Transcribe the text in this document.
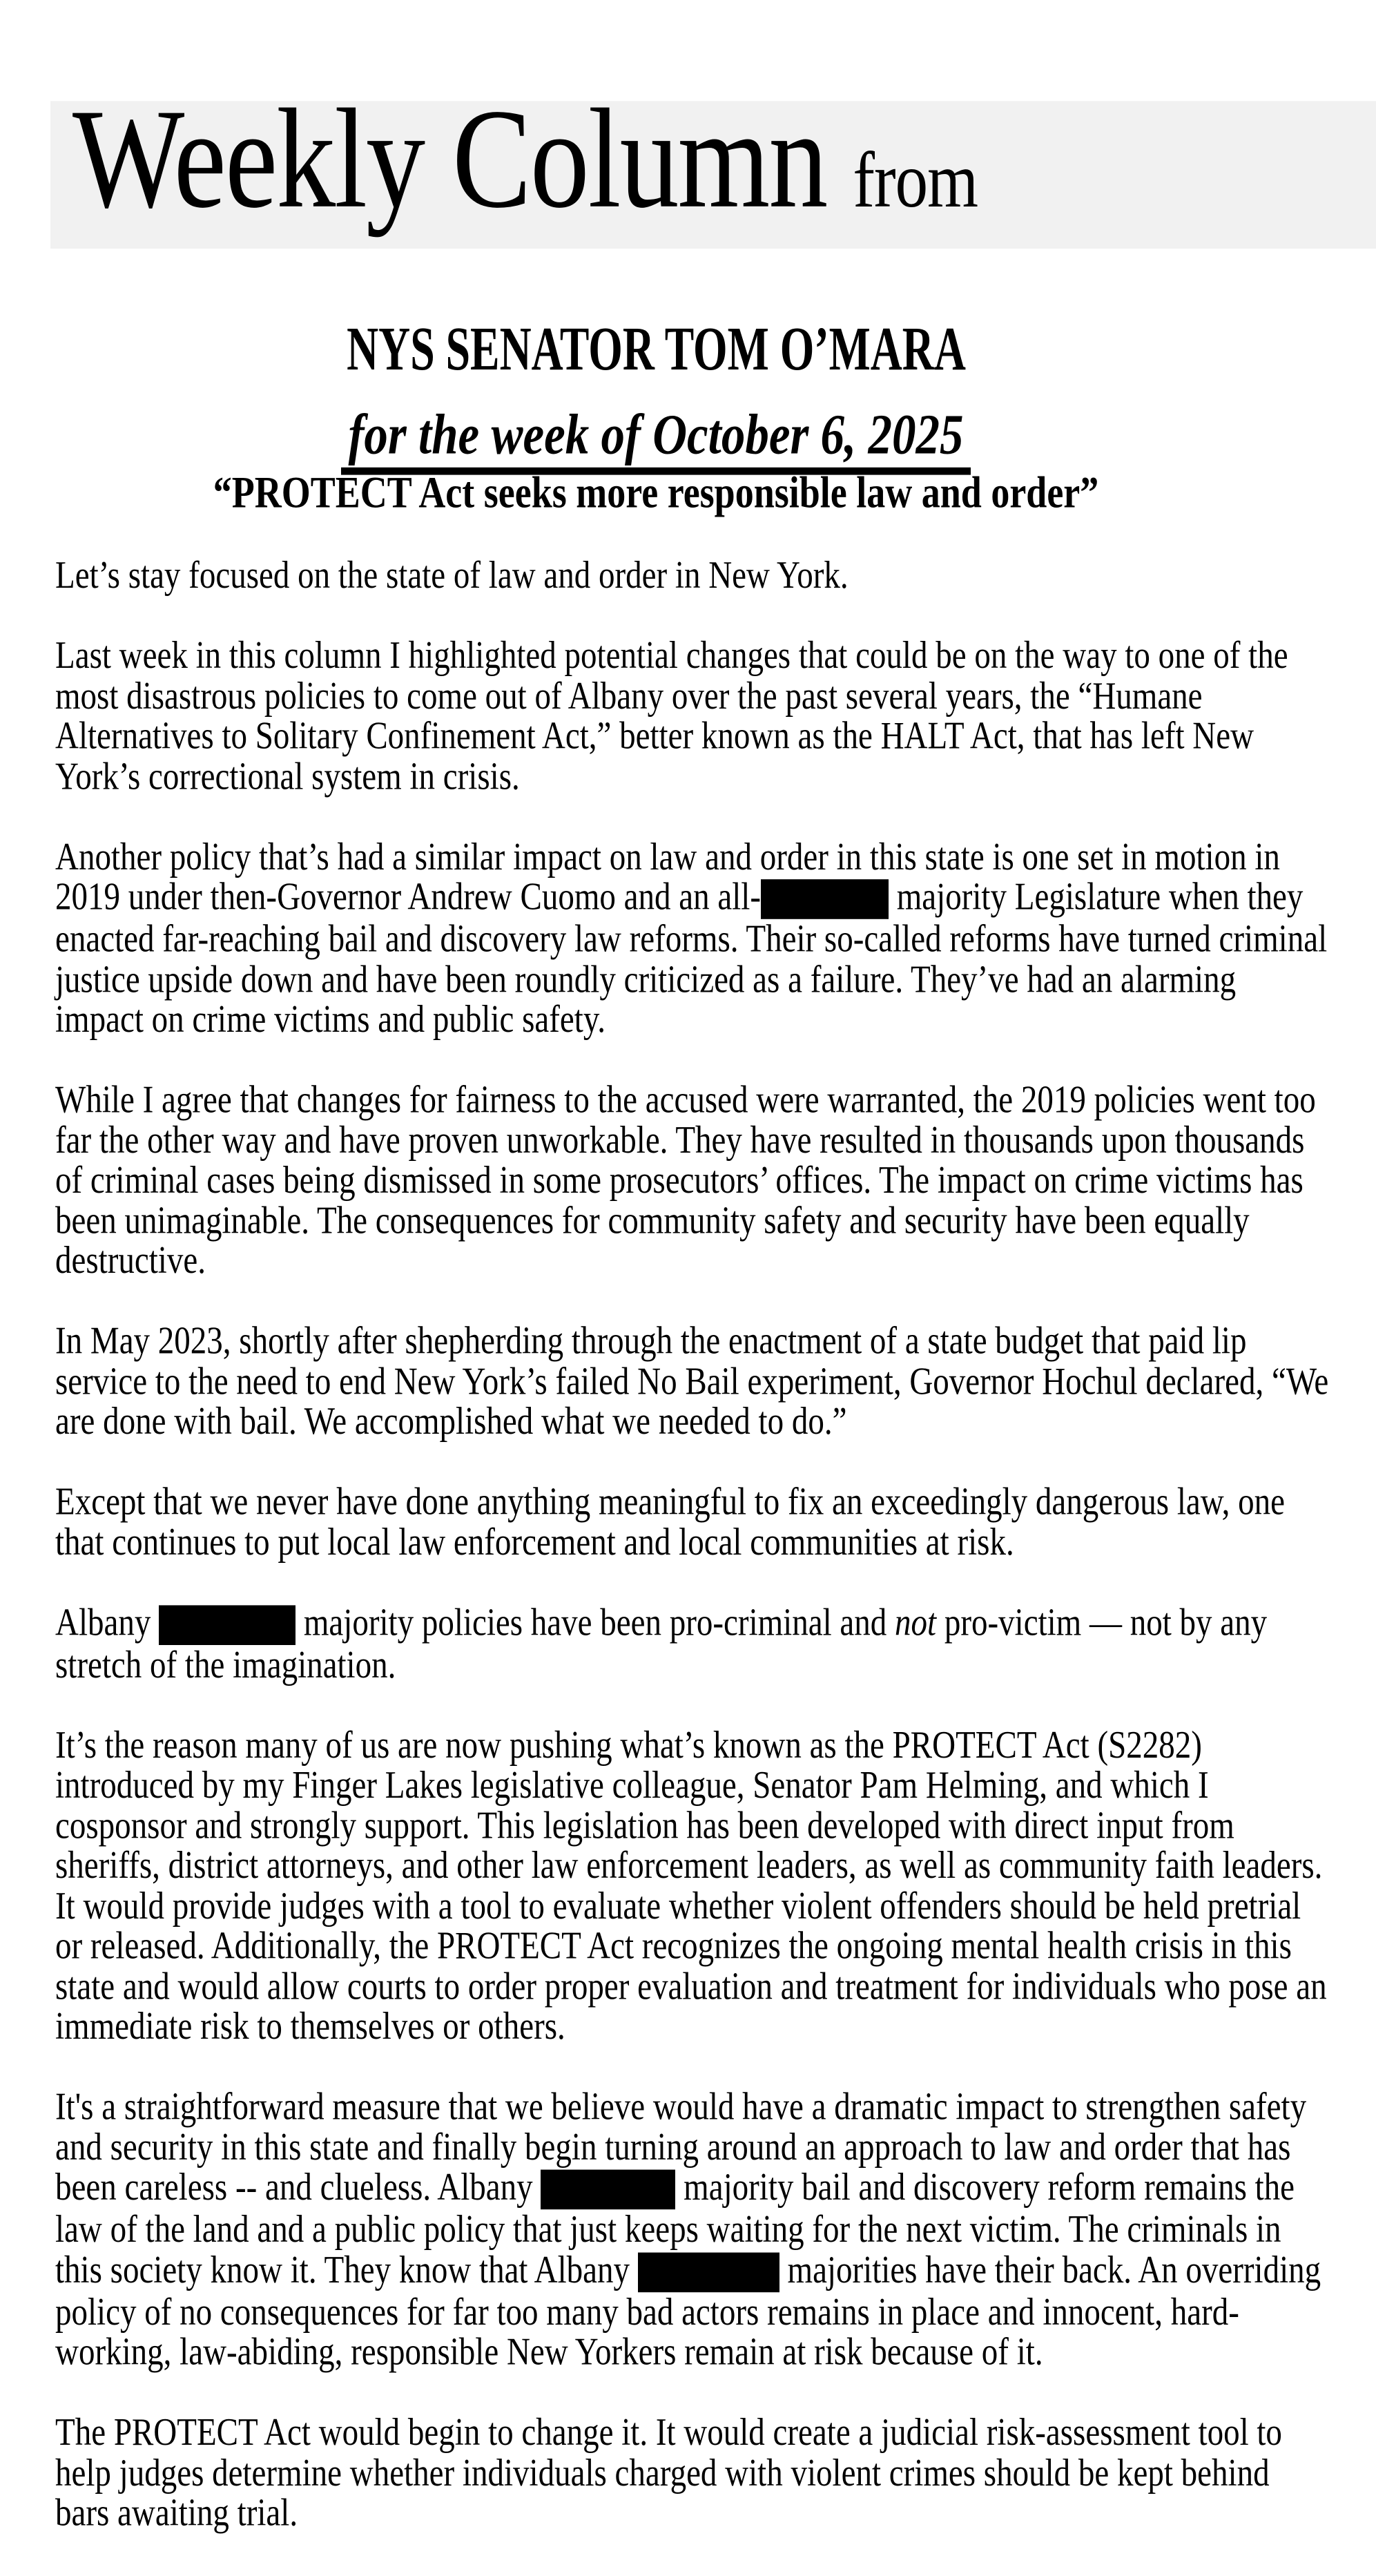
Weekly Column from
NYS SENATOR TOM O’MARA
for the week of October 6, 2025
“PROTECT Act seeks more responsible law and order”

Let’s stay focused on the state of law and order in New York.

Last week in this column I highlighted potential changes that could be on the way to one of the most disastrous policies to come out of Albany over the past several years, the “Humane Alternatives to Solitary Confinement Act,” better known as the HALT Act, that has left New York’s correctional system in crisis.

Another policy that’s had a similar impact on law and order in this state is one set in motion in 2019 under then-Governor Andrew Cuomo and an all-	majority Legislature when they enacted far-reaching bail and discovery law reforms. Their so-called reforms have turned criminal justice upside down and have been roundly criticized as a failure. They’ve had an alarming impact on crime victims and public safety.

While I agree that changes for fairness to the accused were warranted, the 2019 policies went too far the other way and have proven unworkable. They have resulted in thousands upon thousands of criminal cases being dismissed in some prosecutors’ offices. The impact on crime victims has been unimaginable. The consequences for community safety and security have been equally destructive.

In May 2023, shortly after shepherding through the enactment of a state budget that paid lip service to the need to end New York’s failed No Bail experiment, Governor Hochul declared, “We are done with bail. We accomplished what we needed to do.”

Except that we never have done anything meaningful to fix an exceedingly dangerous law, one that continues to put local law enforcement and local communities at risk.

Albany	majority policies have been pro-criminal and not pro-victim — not by any stretch of the imagination.

It’s the reason many of us are now pushing what’s known as the PROTECT Act (S2282) introduced by my Finger Lakes legislative colleague, Senator Pam Helming, and which I cosponsor and strongly support. This legislation has been developed with direct input from sheriffs, district attorneys, and other law enforcement leaders, as well as community faith leaders. It would provide judges with a tool to evaluate whether violent offenders should be held pretrial or released. Additionally, the PROTECT Act recognizes the ongoing mental health crisis in this state and would allow courts to order proper evaluation and treatment for individuals who pose an immediate risk to themselves or others.

It's a straightforward measure that we believe would have a dramatic impact to strengthen safety and security in this state and finally begin turning around an approach to law and order that has been careless -- and clueless. Albany	majority bail and discovery reform remains the law of the land and a public policy that just keeps waiting for the next victim. The criminals in this society know it. They know that Albany	majorities have their back. An overriding policy of no consequences for far too many bad actors remains in place and innocent, hard-working, law-abiding, responsible New Yorkers remain at risk because of it.

The PROTECT Act would begin to change it. It would create a judicial risk-assessment tool to help judges determine whether individuals charged with violent crimes should be kept behind bars awaiting trial.
